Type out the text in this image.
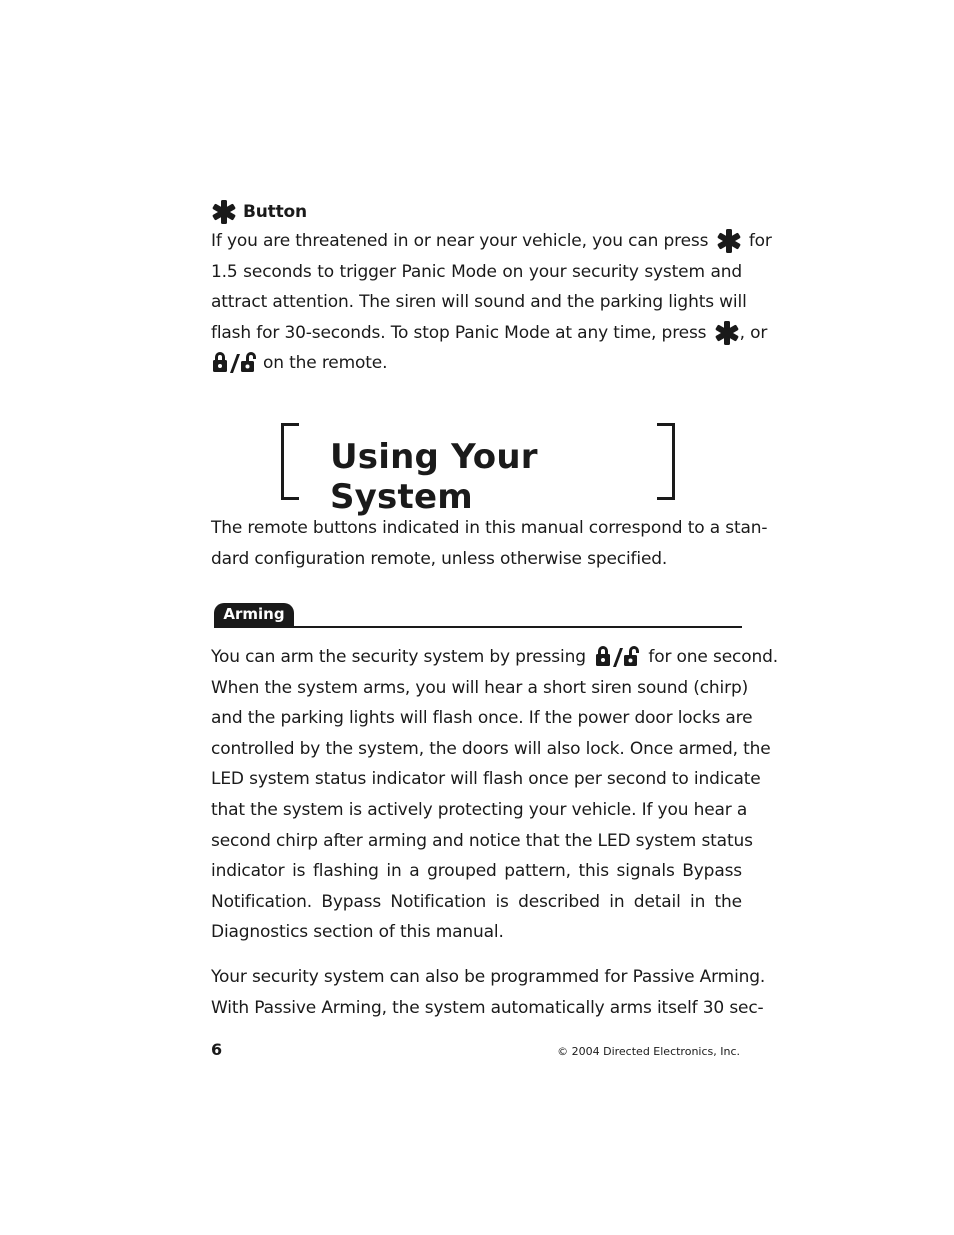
Button
If you are threatened in or near your vehicle, you can press for
1.5 seconds to trigger Panic Mode on your security system and
attract attention. The siren will sound and the parking lights will
flash for 30-seconds. To stop Panic Mode at any time, press , or
on the remote.
Using Your System
The remote buttons indicated in this manual correspond to a stan-
dard configuration remote, unless otherwise specified.
Arming
You can arm the security system by pressing	for one second.
When the system arms, you will hear a short siren sound (chirp)
and the parking lights will flash once. If the power door locks are
controlled by the system, the doors will also lock. Once armed, the
LED system status indicator will flash once per second to indicate
that the system is actively protecting your vehicle. If you hear a
second chirp after arming and notice that the LED system status
indicator is flashing in a grouped pattern, this signals Bypass
Notification. Bypass Notification is described in detail in the
Diagnostics section of this manual.
Your security system can also be programmed for Passive Arming.
With Passive Arming, the system automatically arms itself 30 sec-
6	© 2004 Directed Electronics, Inc.
